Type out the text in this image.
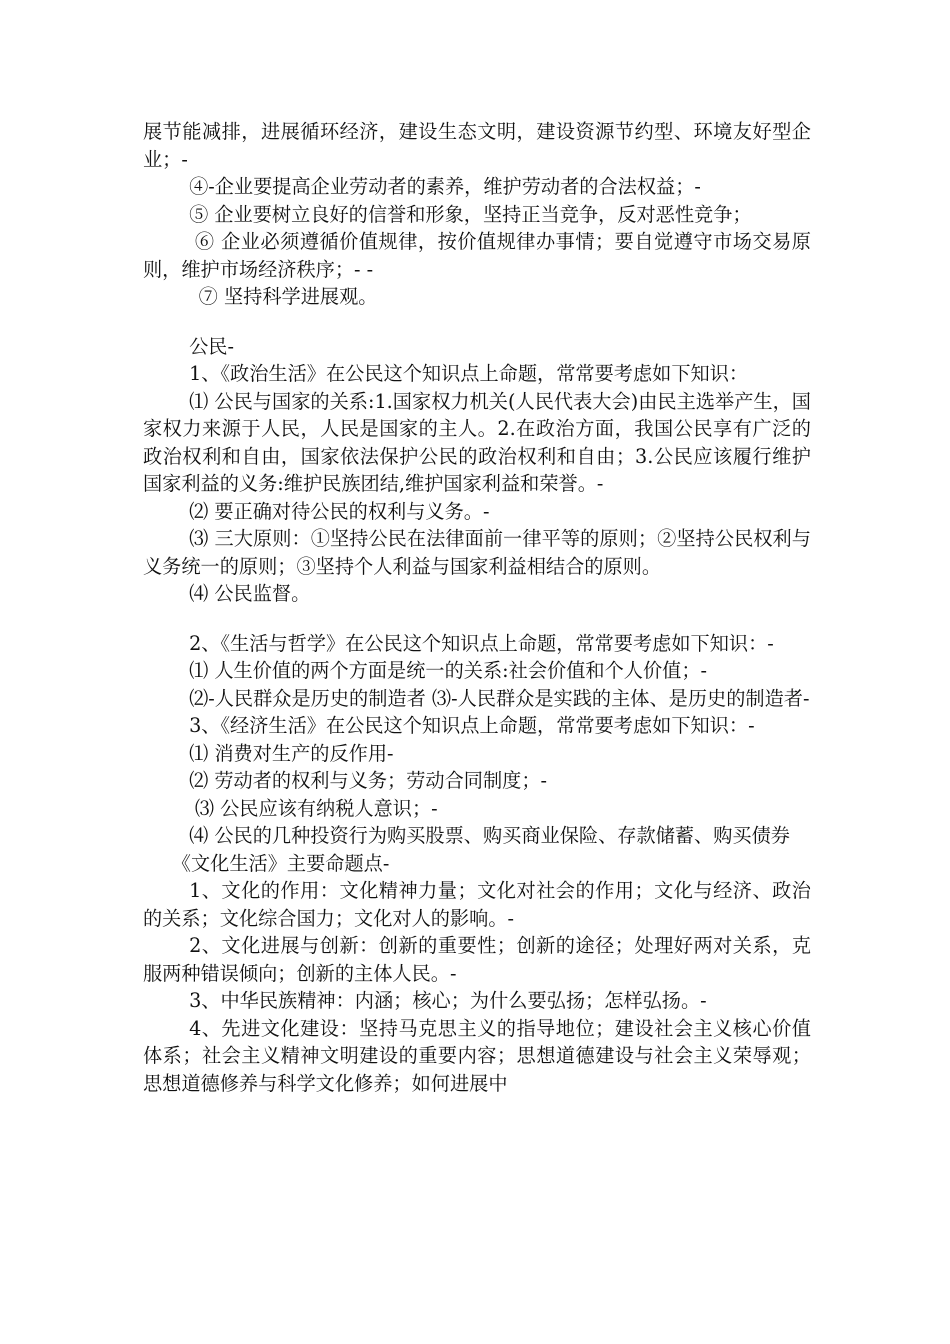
展节能减排，进展循环经济，建设生态文明，建设资源节约型、环境友好型企业；-

④-企业要提高企业劳动者的素养，维护劳动者的合法权益；-

⑤ 企业要树立良好的信誉和形象，坚持正当竞争，反对恶性竞争；

⑥ 企业必须遵循价值规律，按价值规律办事情；要自觉遵守市场交易原则，维护市场经济秩序；- -

⑦ 坚持科学进展观。

公民-

1、《政治生活》在公民这个知识点上命题，常常要考虑如下知识：

⑴ 公民与国家的关系:1.国家权力机关(人民代表大会)由民主选举产生，国家权力来源于人民，人民是国家的主人。2.在政治方面，我国公民享有广泛的政治权利和自由，国家依法保护公民的政治权利和自由；3.公民应该履行维护国家利益的义务:维护民族团结,维护国家利益和荣誉。-

⑵ 要正确对待公民的权利与义务。-

⑶ 三大原则：①坚持公民在法律面前一律平等的原则；②坚持公民权利与义务统一的原则；③坚持个人利益与国家利益相结合的原则。

⑷ 公民监督。

2、《生活与哲学》在公民这个知识点上命题，常常要考虑如下知识：-

⑴ 人生价值的两个方面是统一的关系:社会价值和个人价值；-

⑵-人民群众是历史的制造者 ⑶-人民群众是实践的主体、是历史的制造者-

3、《经济生活》在公民这个知识点上命题，常常要考虑如下知识：-

⑴ 消费对生产的反作用-

⑵ 劳动者的权利与义务；劳动合同制度；-

⑶ 公民应该有纳税人意识；-

⑷ 公民的几种投资行为购买股票、购买商业保险、存款储蓄、购买债券

《文化生活》主要命题点-

1、文化的作用：文化精神力量；文化对社会的作用；文化与经济、政治的关系；文化综合国力；文化对人的影响。-

2、文化进展与创新：创新的重要性；创新的途径；处理好两对关系，克服两种错误倾向；创新的主体人民。-

3、中华民族精神：内涵；核心；为什么要弘扬；怎样弘扬。-

4、先进文化建设：坚持马克思主义的指导地位；建设社会主义核心价值体系；社会主义精神文明建设的重要内容；思想道德建设与社会主义荣辱观；思想道德修养与科学文化修养；如何进展中
